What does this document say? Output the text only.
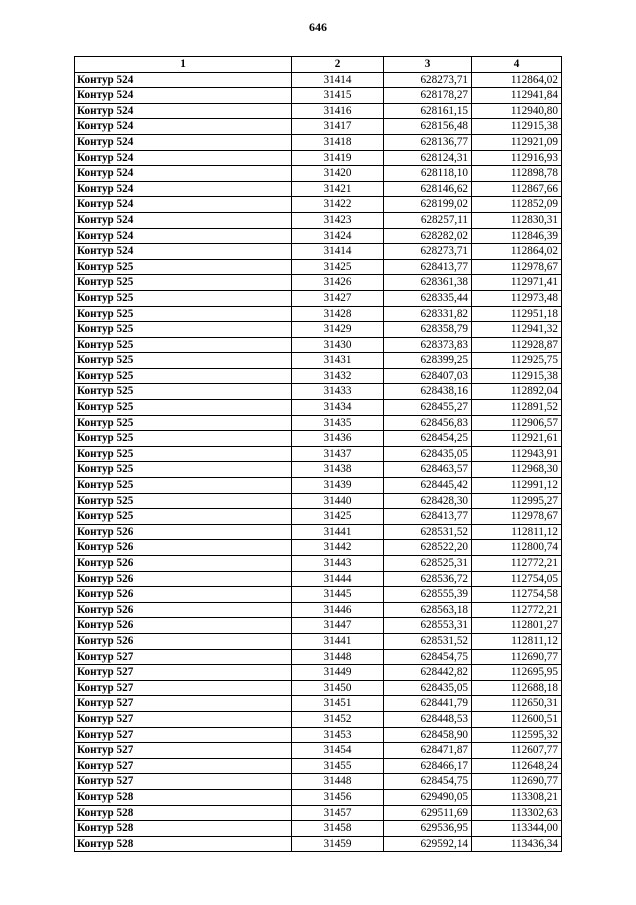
646
1	2	3	4
Контур 524	31414	628273,71	112864,02
Контур 524	31415	628178,27	112941,84
Контур 524	31416	628161,15	112940,80
Контур 524	31417	628156,48	112915,38
Контур 524	31418	628136,77	112921,09
Контур 524	31419	628124,31	112916,93
Контур 524	31420	628118,10	112898,78
Контур 524	31421	628146,62	112867,66
Контур 524	31422	628199,02	112852,09
Контур 524	31423	628257,11	112830,31
Контур 524	31424	628282,02	112846,39
Контур 524	31414	628273,71	112864,02
Контур 525	31425	628413,77	112978,67
Контур 525	31426	628361,38	112971,41
Контур 525	31427	628335,44	112973,48
Контур 525	31428	628331,82	112951,18
Контур 525	31429	628358,79	112941,32
Контур 525	31430	628373,83	112928,87
Контур 525	31431	628399,25	112925,75
Контур 525	31432	628407,03	112915,38
Контур 525	31433	628438,16	112892,04
Контур 525	31434	628455,27	112891,52
Контур 525	31435	628456,83	112906,57
Контур 525	31436	628454,25	112921,61
Контур 525	31437	628435,05	112943,91
Контур 525	31438	628463,57	112968,30
Контур 525	31439	628445,42	112991,12
Контур 525	31440	628428,30	112995,27
Контур 525	31425	628413,77	112978,67
Контур 526	31441	628531,52	112811,12
Контур 526	31442	628522,20	112800,74
Контур 526	31443	628525,31	112772,21
Контур 526	31444	628536,72	112754,05
Контур 526	31445	628555,39	112754,58
Контур 526	31446	628563,18	112772,21
Контур 526	31447	628553,31	112801,27
Контур 526	31441	628531,52	112811,12
Контур 527	31448	628454,75	112690,77
Контур 527	31449	628442,82	112695,95
Контур 527	31450	628435,05	112688,18
Контур 527	31451	628441,79	112650,31
Контур 527	31452	628448,53	112600,51
Контур 527	31453	628458,90	112595,32
Контур 527	31454	628471,87	112607,77
Контур 527	31455	628466,17	112648,24
Контур 527	31448	628454,75	112690,77
Контур 528	31456	629490,05	113308,21
Контур 528	31457	629511,69	113302,63
Контур 528	31458	629536,95	113344,00
Контур 528	31459	629592,14	113436,34
